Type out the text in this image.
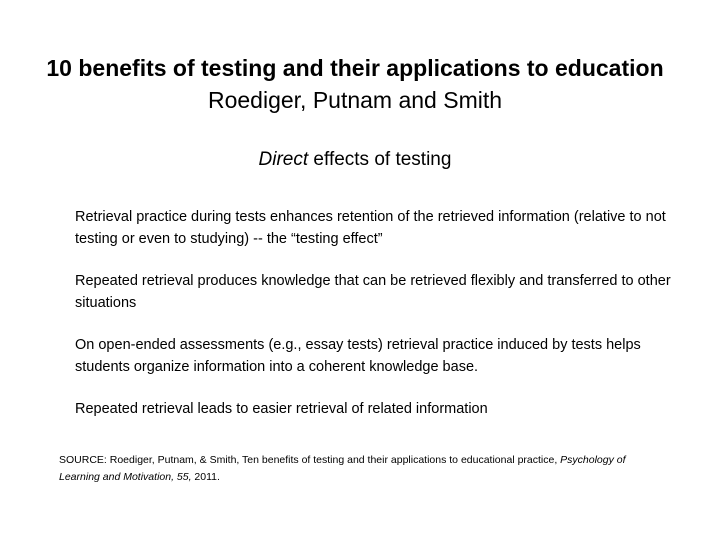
10 benefits of testing and their applications to education
Roediger, Putnam and Smith
Direct effects of testing

Retrieval practice during tests enhances retention of the retrieved information (relative to not testing or even to studying) -- the “testing effect”

Repeated retrieval produces knowledge that can be retrieved flexibly and transferred to other situations

On open-ended assessments (e.g., essay tests) retrieval practice induced by tests helps students organize information into a coherent knowledge base.

Repeated retrieval leads to easier retrieval of related information

SOURCE: Roediger, Putnam, & Smith, Ten benefits of testing and their applications to educational practice, Psychology of Learning and Motivation, 55, 2011.
